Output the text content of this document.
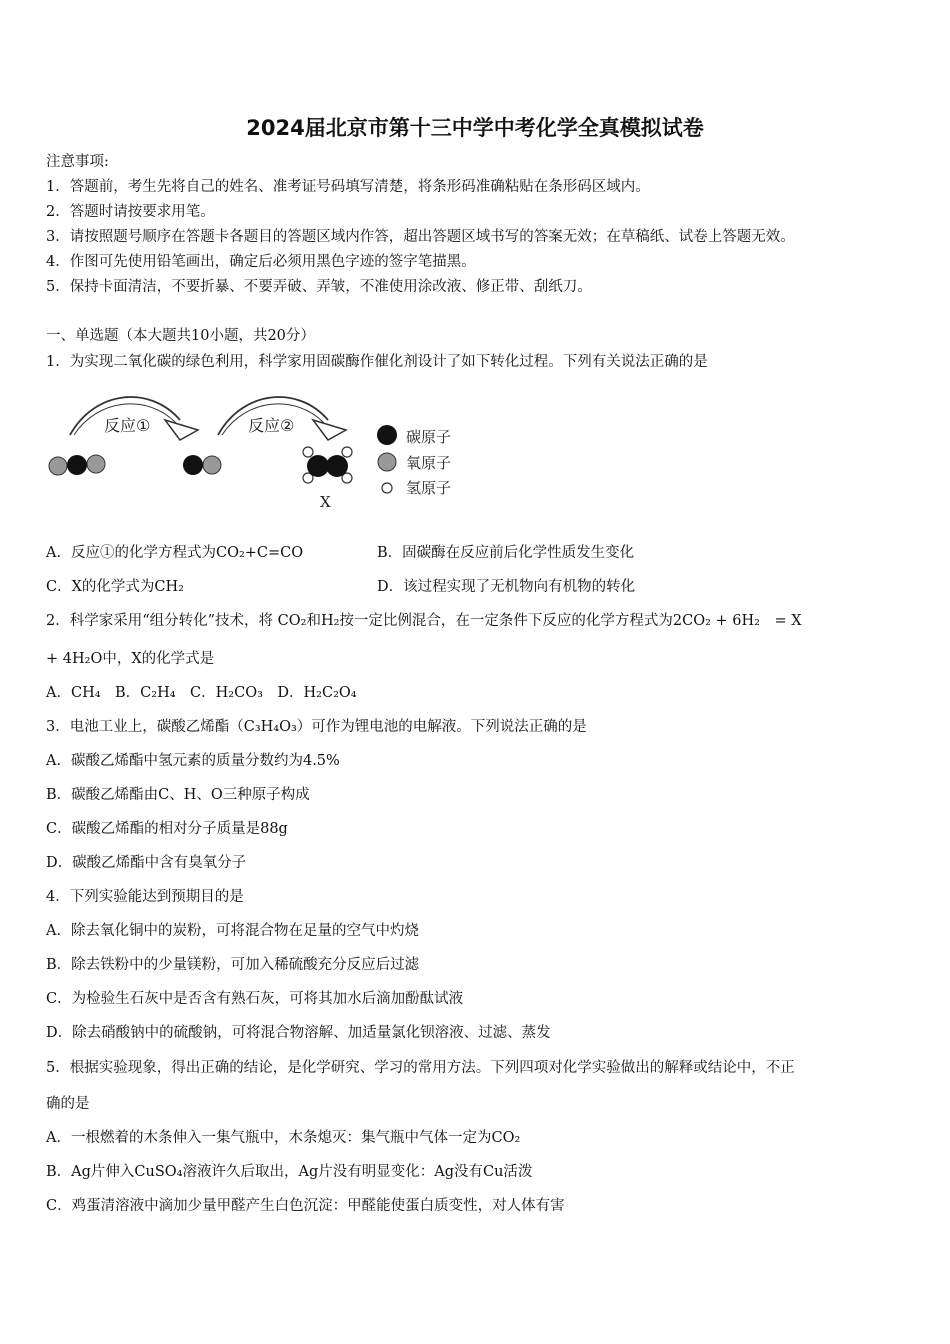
2024届北京市第十三中学中考化学全真模拟试卷
注意事项:
1．答题前，考生先将自己的姓名、准考证号码填写清楚，将条形码准确粘贴在条形码区域内。
2．答题时请按要求用笔。
3．请按照题号顺序在答题卡各题目的答题区域内作答，超出答题区域书写的答案无效；在草稿纸、试卷上答题无效。
4．作图可先使用铅笔画出，确定后必须用黑色字迹的签字笔描黑。
5．保持卡面清洁，不要折暴、不要弄破、弄皱，不准使用涂改液、修正带、刮纸刀。
一、单选题（本大题共10小题，共20分）
1．为实现二氧化碳的绿色利用，科学家用固碳酶作催化剂设计了如下转化过程。下列有关说法正确的是
反应①	反应②
X
碳原子
氧原子
氢原子
A．反应①的化学方程式为CO₂+C=CO	B．固碳酶在反应前后化学性质发生变化
C．X的化学式为CH₂	D．该过程实现了无机物向有机物的转化
2．科学家采用“组分转化”技术，将 CO₂和H₂按一定比例混合，在一定条件下反应的化学方程式为2CO₂ + 6H₂　= X
+ 4H₂O中，X的化学式是
A．CH₄　B．C₂H₄　C．H₂CO₃　D．H₂C₂O₄
3．电池工业上，碳酸乙烯酯（C₃H₄O₃）可作为锂电池的电解液。下列说法正确的是
A．碳酸乙烯酯中氢元素的质量分数约为4.5%
B．碳酸乙烯酯由C、H、O三种原子构成
C．碳酸乙烯酯的相对分子质量是88g
D．碳酸乙烯酯中含有臭氧分子
4．下列实验能达到预期目的是
A．除去氧化铜中的炭粉，可将混合物在足量的空气中灼烧
B．除去铁粉中的少量镁粉，可加入稀硫酸充分反应后过滤
C．为检验生石灰中是否含有熟石灰，可将其加水后滴加酚酞试液
D．除去硝酸钠中的硫酸钠，可将混合物溶解、加适量氯化钡溶液、过滤、蒸发
5．根据实验现象，得出正确的结论，是化学研究、学习的常用方法。下列四项对化学实验做出的解释或结论中，不正
确的是
A．一根燃着的木条伸入一集气瓶中，木条熄灭：集气瓶中气体一定为CO₂
B．Ag片伸入CuSO₄溶液许久后取出，Ag片没有明显变化：Ag没有Cu活泼
C．鸡蛋清溶液中滴加少量甲醛产生白色沉淀：甲醛能使蛋白质变性，对人体有害
